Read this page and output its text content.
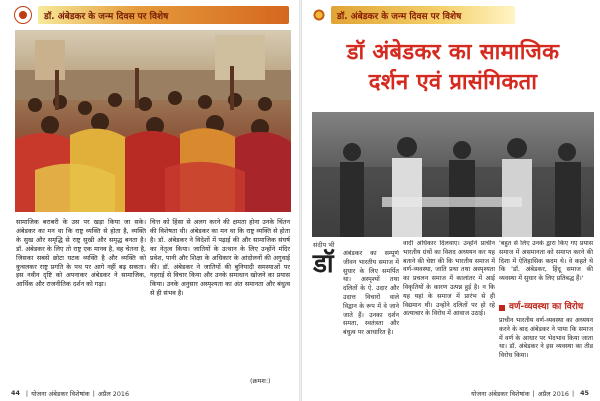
डॉ. अंबेडकर के जन्म दिवस पर विशेष
सामाजिक बराबरी के उस पर खड़ा किया जा सके। अंबेडकर का मन था कि राष्ट्र व्यक्ति से होता है, व्यक्ति के सुख और समृद्धि से राष्ट्र सुखी और समृद्ध बनता है। डॉ. अंबेडकर के लिए तो राष्ट्र एक मानव है, वह चेतना है, जिसका सबसे छोटा घटक व्यक्ति है और व्यक्ति को कुचलकर राष्ट्र प्रगति के पथ पर आगे नहीं बढ़ सकता। इस नवीन दृष्टि को अपनाकर अंबेडकर ने सामाजिक, आर्थिक और राजनीतिक दर्शन को गढ़ा।
चित्त को हिंसा से अलग करने की क्षमता होना उनके चिंतन की विशेषता थी। अंबेडकर का मन था कि राष्ट्र व्यक्ति से होता है। डॉ. अंबेडकर ने विदेशों में पढ़ाई की और सामाजिक संघर्ष का नेतृत्व किया। जातियों के उत्थान के लिए उन्होंने मंदिर प्रवेश, पानी और शिक्षा के अधिकार के आंदोलनों की अगुवाई की। डॉ. अंबेडकर ने जातियों की बुनियादी समस्याओं पर गहराई से विचार किया और उनके समाधान खोजने का प्रयास किया। उनके अनुसार अस्पृश्यता का अंत समानता और बंधुत्व से ही संभव है।
(क्रमश:)
44 | योजना अंबेडकर विशेषांक | अप्रैल 2016
डॉ. अंबेडकर के जन्म दिवस पर विशेष
डॉ अंबेडकर का सामाजिक
दर्शन एवं प्रासंगिकता
संदीप भी
डॉ	अंबेडकर का सम्पूर्ण जीवन भारतीय समाज में सुधार के लिए समर्पित था। अस्पृश्यों तथा दलितों के ऐ. उदार और उदात्त विचारों वाले विद्वान के रूप में वे जाने जाते हैं। उनका दर्शन समता, स्वतंत्रता और बंधुत्व पर आधारित है।
वादी अधिकार दिलवाए। उन्होंने प्राचीन भारतीय ग्रंथों का विशद अध्ययन कर यह बताने की चेष्टा की कि भारतीय समाज में वर्ण-व्यवस्था, जाति प्रथा तथा अस्पृश्यता का प्रचलन समाज में कालांतर में आई विकृतियों के कारण उत्पन्न हुई है। न कि यह यहां के समाज में प्रारंभ से ही विद्यमान थी। उन्होंने दलितों पर हो रहे अत्याचार के विरोध में आवाज उठाई।
'बहुत से लिए उनके द्वारा किए गए प्रयास समाज में असमानता को समाप्त करने की दिशा में ऐतिहासिक कदम थे। वे कहते थे कि 'डॉ. अंबेडकर, हिंदू समाज की व्यवस्था में सुधार के लिए प्रतिबद्ध हैं।'
वर्ण-व्यवस्था का विरोध
प्राचीन भारतीय वर्ण-व्यवस्था का अध्ययन करने के बाद अंबेडकर ने पाया कि समाज में वर्ण के आधार पर भेदभाव किया जाता था। डॉ. अंबेडकर ने इस व्यवस्था का तीव्र विरोध किया।
योजना अंबेडकर विशेषांक | अप्रैल 2016 | 45
